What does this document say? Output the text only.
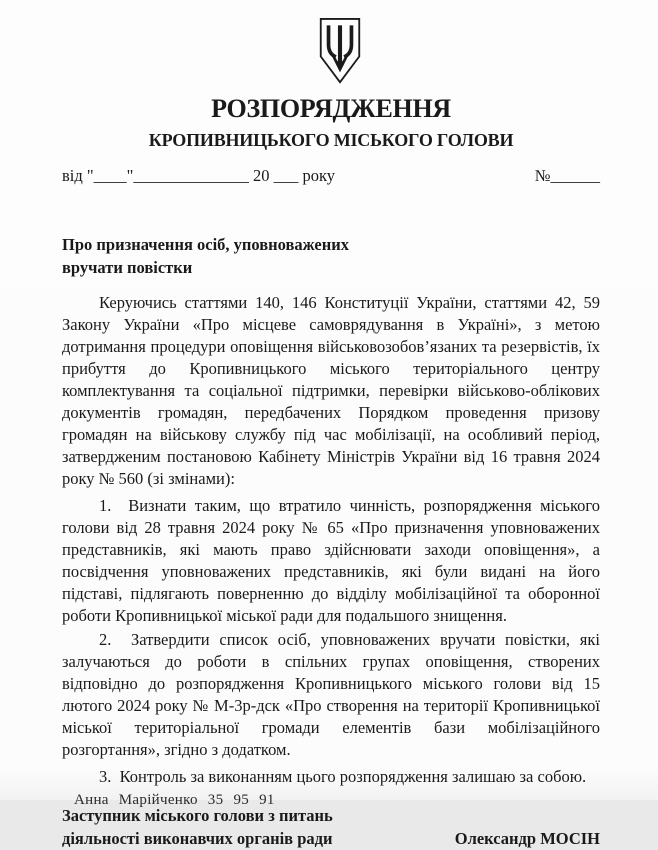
РОЗПОРЯДЖЕННЯ
КРОПИВНИЦЬКОГО МІСЬКОГО ГОЛОВИ
від "____"______________ 20 ___ року	№______
Про призначення осіб, уповноважених
вручати повістки

Керуючись статтями 140, 146 Конституції України, статтями 42, 59 Закону України «Про місцеве самоврядування в Україні», з метою дотримання процедури оповіщення військовозобов’язаних та резервістів, їх прибуття до Кропивницького міського територіального центру комплектування та соціальної підтримки, перевірки військово-облікових документів громадян, передбачених Порядком проведення призову громадян на військову службу під час мобілізації, на особливий період, затвердженим постановою Кабінету Міністрів України від 16 травня 2024 року № 560 (зі змінами):

1.  Визнати таким, що втратило чинність, розпорядження міського голови від 28 травня 2024 року № 65 «Про призначення уповноважених представників, які мають право здійснювати заходи оповіщення», а посвідчення уповноважених представників, які були видані на його підставі, підлягають поверненню до відділу мобілізаційної та оборонної роботи Кропивницької міської ради для подальшого знищення.

2.  Затвердити список осіб, уповноважених вручати повістки, які залучаються до роботи в спільних групах оповіщення, створених відповідно до розпорядження Кропивницького міського голови від 15 лютого 2024 року № М-3р-дск «Про створення на території Кропивницької міської територіальної громади елементів бази мобілізаційного розгортання», згідно з додатком.

3.  Контроль за виконанням цього розпорядження залишаю за собою.

Заступник міського голови з питань
діяльності виконавчих органів ради	Олександр МОСІН
Анна Марійченко 35 95 91
